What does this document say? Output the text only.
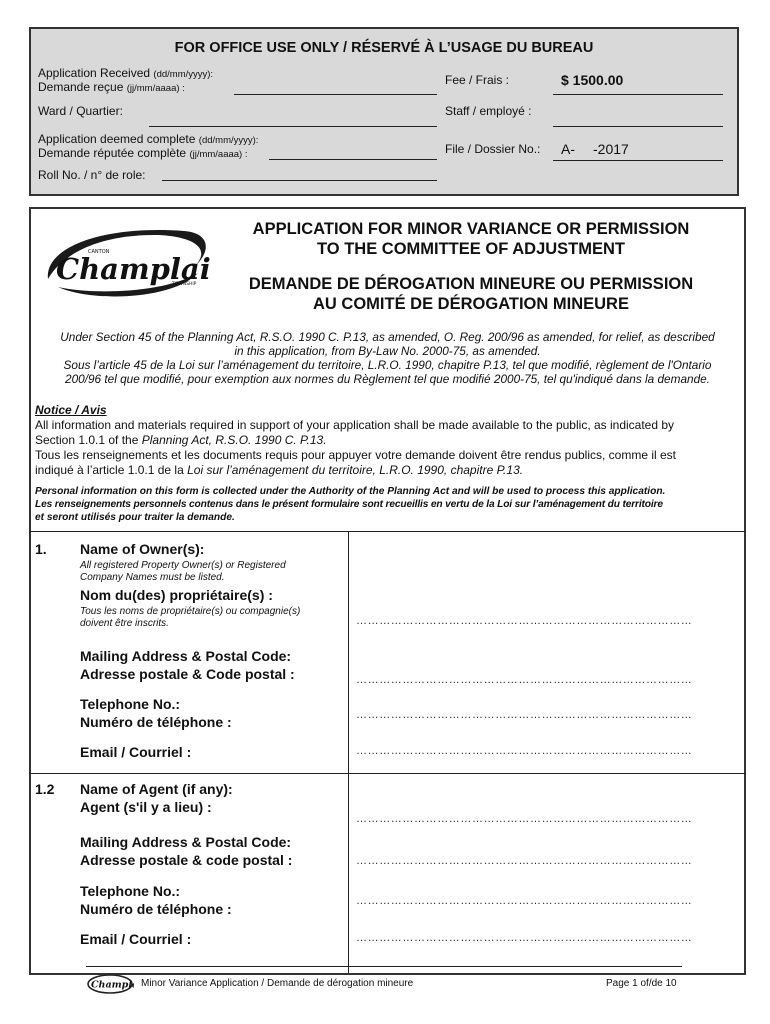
FOR OFFICE USE ONLY / RÉSERVÉ À L’USAGE DU BUREAU
Application Received (dd/mm/yyyy):
Demande reçue (jj/mm/aaaa) :
Fee / Frais :	$ 1500.00
Ward / Quartier:	Staff / employé :
Application deemed complete (dd/mm/yyyy):
Demande réputée complète (jj/mm/aaaa) :	File / Dossier No.: A- -2017
Roll No. / n° de role:
CANTON
Champlai
TOWNSHIP
APPLICATION FOR MINOR VARIANCE OR PERMISSION
TO THE COMMITTEE OF ADJUSTMENT
DEMANDE DE DÉROGATION MINEURE OU PERMISSION
AU COMITÉ DE DÉROGATION MINEURE
Under Section 45 of the Planning Act, R.S.O. 1990 C. P.13, as amended, O. Reg. 200/96 as amended, for relief, as described
in this application, from By-Law No. 2000-75, as amended.
Sous l’article 45 de la Loi sur l’aménagement du territoire, L.R.O. 1990, chapitre P.13, tel que modifié, règlement de l'Ontario
200/96 tel que modifié, pour exemption aux normes du Règlement tel que modifié 2000-75, tel qu'indiqué dans la demande.
Notice / Avis
All information and materials required in support of your application shall be made available to the public, as indicated by
Section 1.0.1 of the Planning Act, R.S.O. 1990 C. P.13.
Tous les renseignements et les documents requis pour appuyer votre demande doivent être rendus publics, comme il est
indiqué à l’article 1.0.1 de la Loi sur l’aménagement du territoire, L.R.O. 1990, chapitre P.13.
Personal information on this form is collected under the Authority of the Planning Act and will be used to process this application.
Les renseignements personnels contenus dans le présent formulaire sont recueillis en vertu de la Loi sur l’aménagement du territoire
et seront utilisés pour traiter la demande.
1. Name of Owner(s):
All registered Property Owner(s) or Registered
Company Names must be listed.
Nom du(des) propriétaire(s) :
Tous les noms de propriétaire(s) ou compagnie(s)
doivent être inscrits.	……………………………………………………………………………
Mailing Address & Postal Code:
Adresse postale & Code postal :	……………………………………………………………………………
Telephone No.:
Numéro de téléphone :	……………………………………………………………………………
Email / Courriel :	……………………………………………………………………………
1.2 Name of Agent (if any):
Agent (s'il y a lieu) :
……………………………………………………………………………
Mailing Address & Postal Code:
Adresse postale & code postal :	……………………………………………………………………………
Telephone No.:
Numéro de téléphone :	……………………………………………………………………………
Email / Courriel :	……………………………………………………………………………
Champl Minor Variance Application / Demande de dérogation mineure	Page 1 of/de 10
